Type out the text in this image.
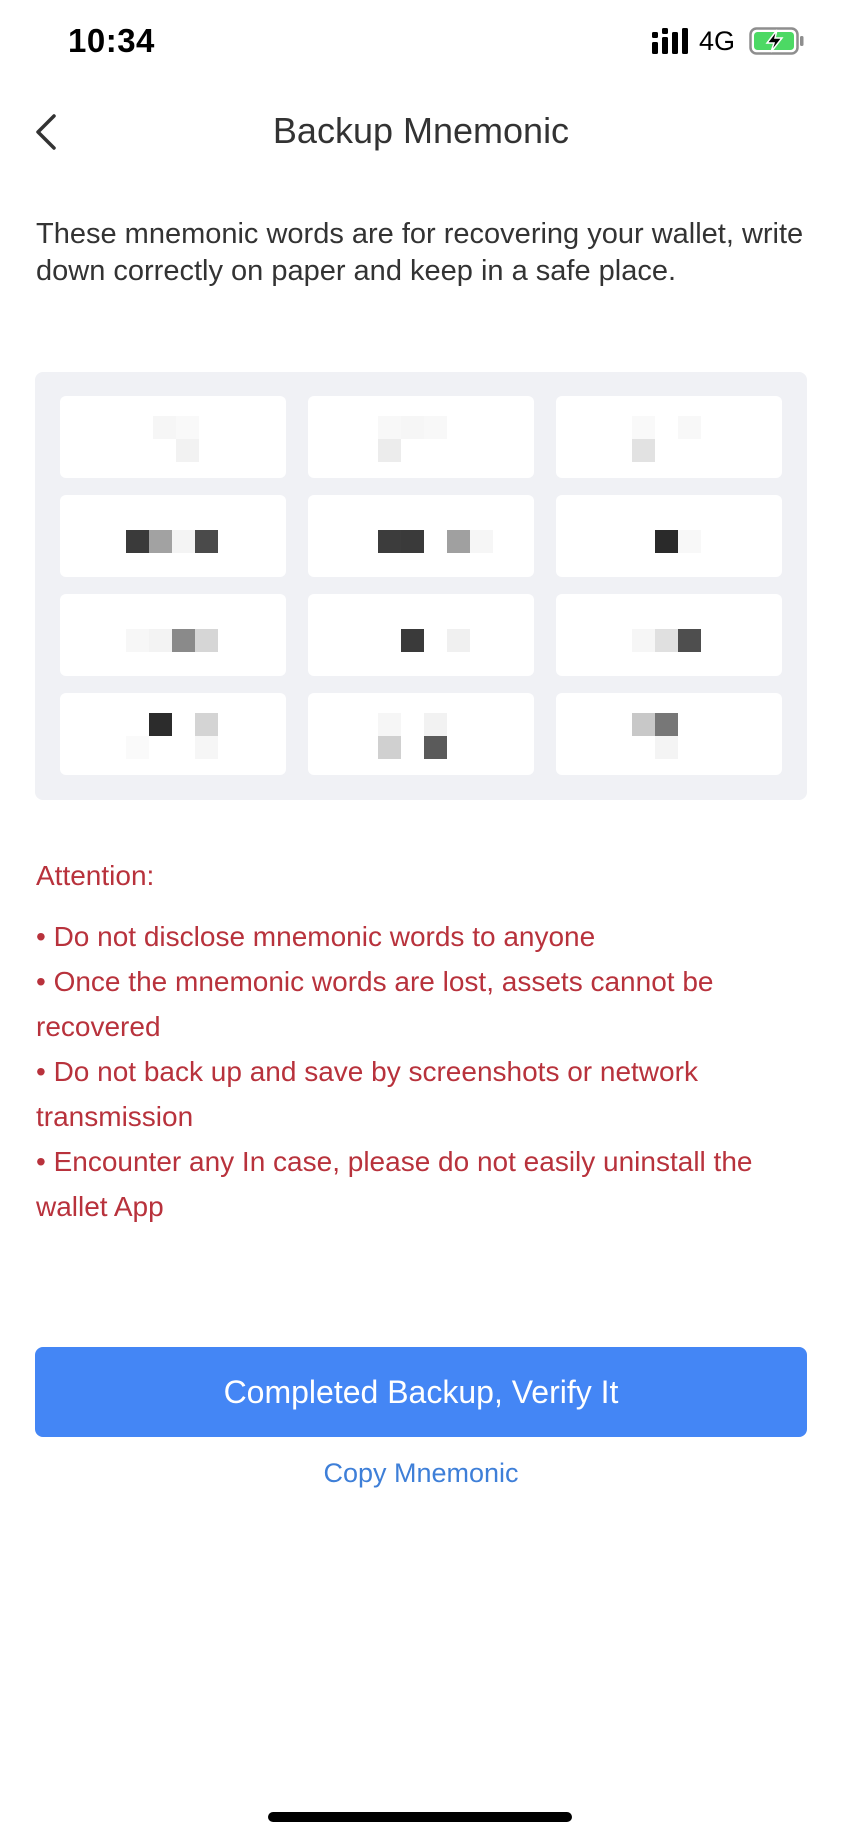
10:34	4G
Backup Mnemonic
These mnemonic words are for recovering your wallet, write down correctly on paper and keep in a safe place.
Attention:
• Do not disclose mnemonic words to anyone
• Once the mnemonic words are lost, assets cannot be recovered
• Do not back up and save by screenshots or network transmission
• Encounter any In case, please do not easily uninstall the wallet App
Completed Backup, Verify It
Copy Mnemonic
